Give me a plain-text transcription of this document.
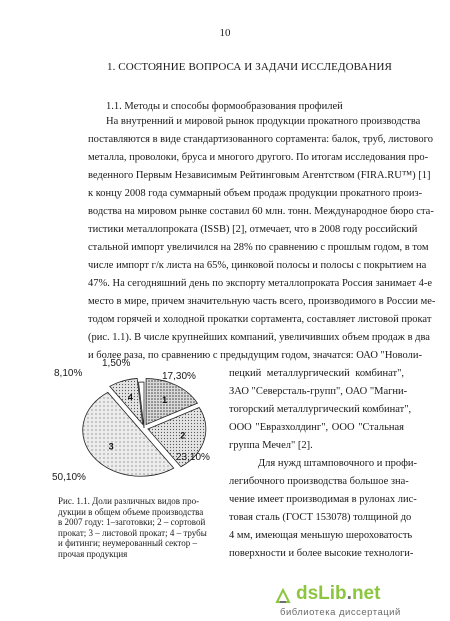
10
1. СОСТОЯНИЕ ВОПРОСА И ЗАДАЧИ ИССЛЕДОВАНИЯ
1.1. Методы и способы формообразования профилей
На внутренний и мировой рынок продукции прокатного производства
поставляются в виде стандартизованного сортамента: балок, труб, листового
металла, проволоки, бруса и многого другого. По итогам исследования про-
веденного Первым Независимым Рейтинговым Агентством (FIRA.RU™) [1]
к концу 2008 года суммарный объем продаж продукции прокатного произ-
водства на мировом рынке составил 60 млн. тонн. Международное бюро ста-
тистики металлопроката (ISSB) [2], отмечает, что в 2008 году российский
стальной импорт увеличился на 28% по сравнению с прошлым годом, в том
числе импорт г/к листа на 65%, цинковой полосы и полосы с покрытием на
47%. На сегодняшний день по экспорту металлопроката Россия занимает 4-е
место в мире, причем значительную часть всего, производимого в России ме-
тодом горячей и холодной прокатки сортамента, составляет листовой прокат
(рис. 1.1). В числе крупнейших компаний, увеличивших объем продаж в два
и более раза, по сравнению с предыдущим годом, значатся: ОАО "Новоли-
пецкий металлургический комбинат",
ЗАО "Северсталь-групп", ОАО "Магни-
тогорский металлургический комбинат",
ООО "Евразхолдинг", ООО "Стальная
группа Мечел" [2].
Для нужд штамповочного и профи-
легибочного производства большое зна-
чение имеет производимая в рулонах лис-
товая сталь (ГОСТ 153078) толщиной до
4 мм, имеющая меньшую шероховатость
поверхности и более высокие технологи-
1
2
3
4
17,30%
23,10%
50,10%
8,10%
1,50%
Рис. 1.1. Доли различных видов про-
дукции в общем объеме производства
в 2007 году: 1–заготовки; 2 – сортовой
прокат; 3 – листовой прокат; 4 – трубы
и фитинги; неумерованный сектор –
прочая продукция
dsLib.net
библиотека диссертаций
